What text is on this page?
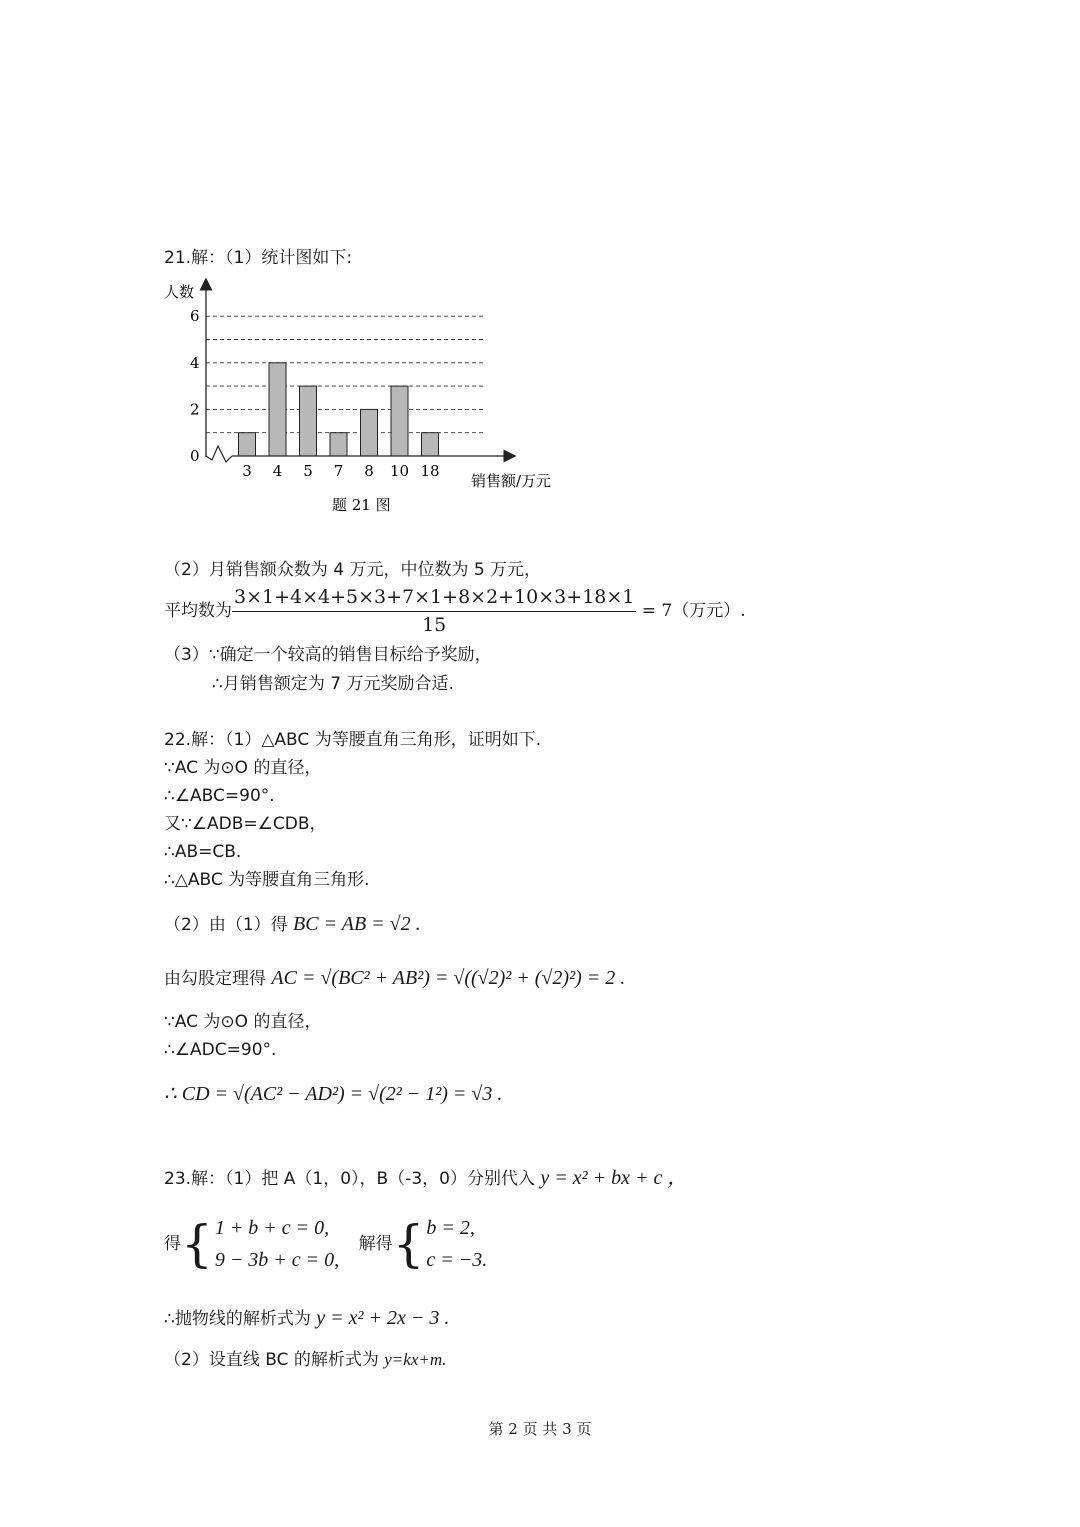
21.解：（1）统计图如下:
人数
销售额/万元
0
2
4
6
3 4 5 7 8 10 18
题 21 图
（2）月销售额众数为 4 万元，中位数为 5 万元，
平均数为 $\frac{3\times 1+4\times 4+5\times 3+7\times 1+8\times 2+10\times 3+18\times 1}{15} = 7$（万元）.
（3）∵确定一个较高的销售目标给予奖励，
∴月销售额定为 7 万元奖励合适.
22.解：（1）△ABC 为等腰直角三角形，证明如下.
∵AC 为⊙O 的直径，
∴∠ABC=90°.
又∵∠ADB=∠CDB，
∴AB=CB.
∴△ABC 为等腰直角三角形.
（2）由（1）得 BC = AB = √2 .
由勾股定理得 AC = √(BC² + AB²) = √((√2)² + (√2)²) = 2 .
∵AC 为⊙O 的直径，
∴∠ADC=90°.
∴ CD = √(AC² − AD²) = √(2² − 1²) = √3 .
23.解：（1）把 A（1，0），B（-3，0）分别代入 y = x² + bx + c ，
得{ 1 + b + c = 0,
9 − 3b + c = 0, 解得{ b = 2,
c = −3.
∴抛物线的解析式为 y = x² + 2x − 3 .
（2）设直线 BC 的解析式为 y=kx+m.
第 2 页 共 3 页
